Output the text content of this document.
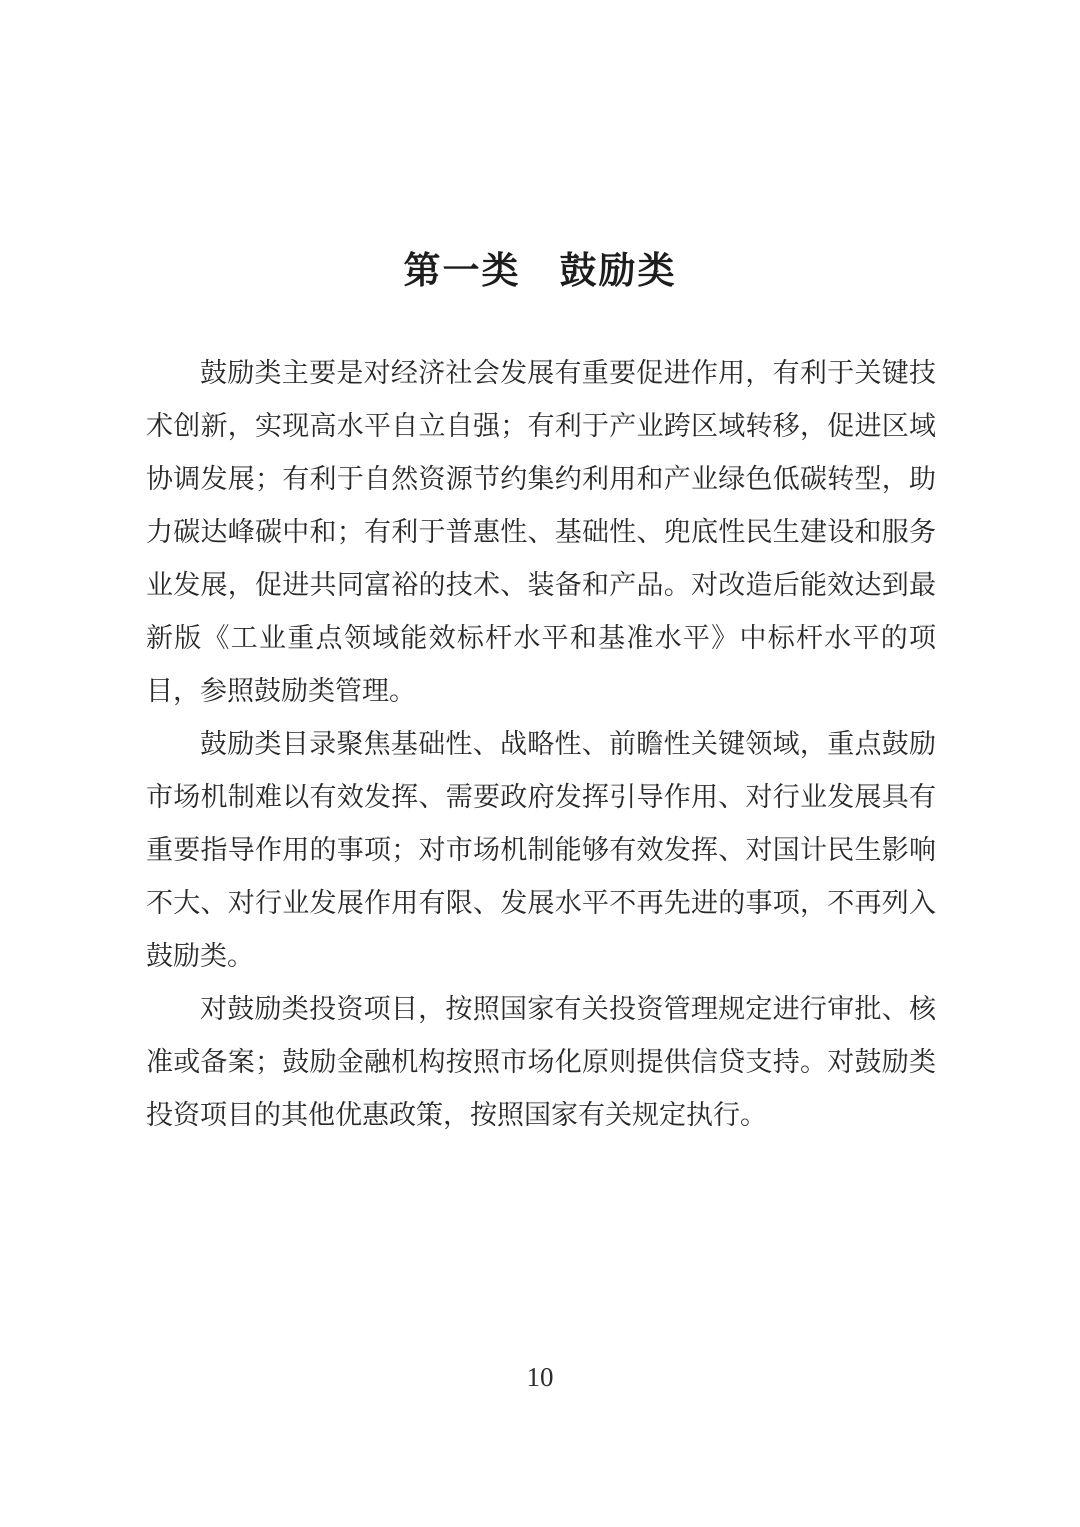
第一类　鼓励类

鼓励类主要是对经济社会发展有重要促进作用，有利于关键技术创新，实现高水平自立自强；有利于产业跨区域转移，促进区域协调发展；有利于自然资源节约集约利用和产业绿色低碳转型，助力碳达峰碳中和；有利于普惠性、基础性、兜底性民生建设和服务业发展，促进共同富裕的技术、装备和产品。对改造后能效达到最新版《工业重点领域能效标杆水平和基准水平》中标杆水平的项目，参照鼓励类管理。

鼓励类目录聚焦基础性、战略性、前瞻性关键领域，重点鼓励市场机制难以有效发挥、需要政府发挥引导作用、对行业发展具有重要指导作用的事项；对市场机制能够有效发挥、对国计民生影响不大、对行业发展作用有限、发展水平不再先进的事项，不再列入鼓励类。

对鼓励类投资项目，按照国家有关投资管理规定进行审批、核准或备案；鼓励金融机构按照市场化原则提供信贷支持。对鼓励类投资项目的其他优惠政策，按照国家有关规定执行。

10
